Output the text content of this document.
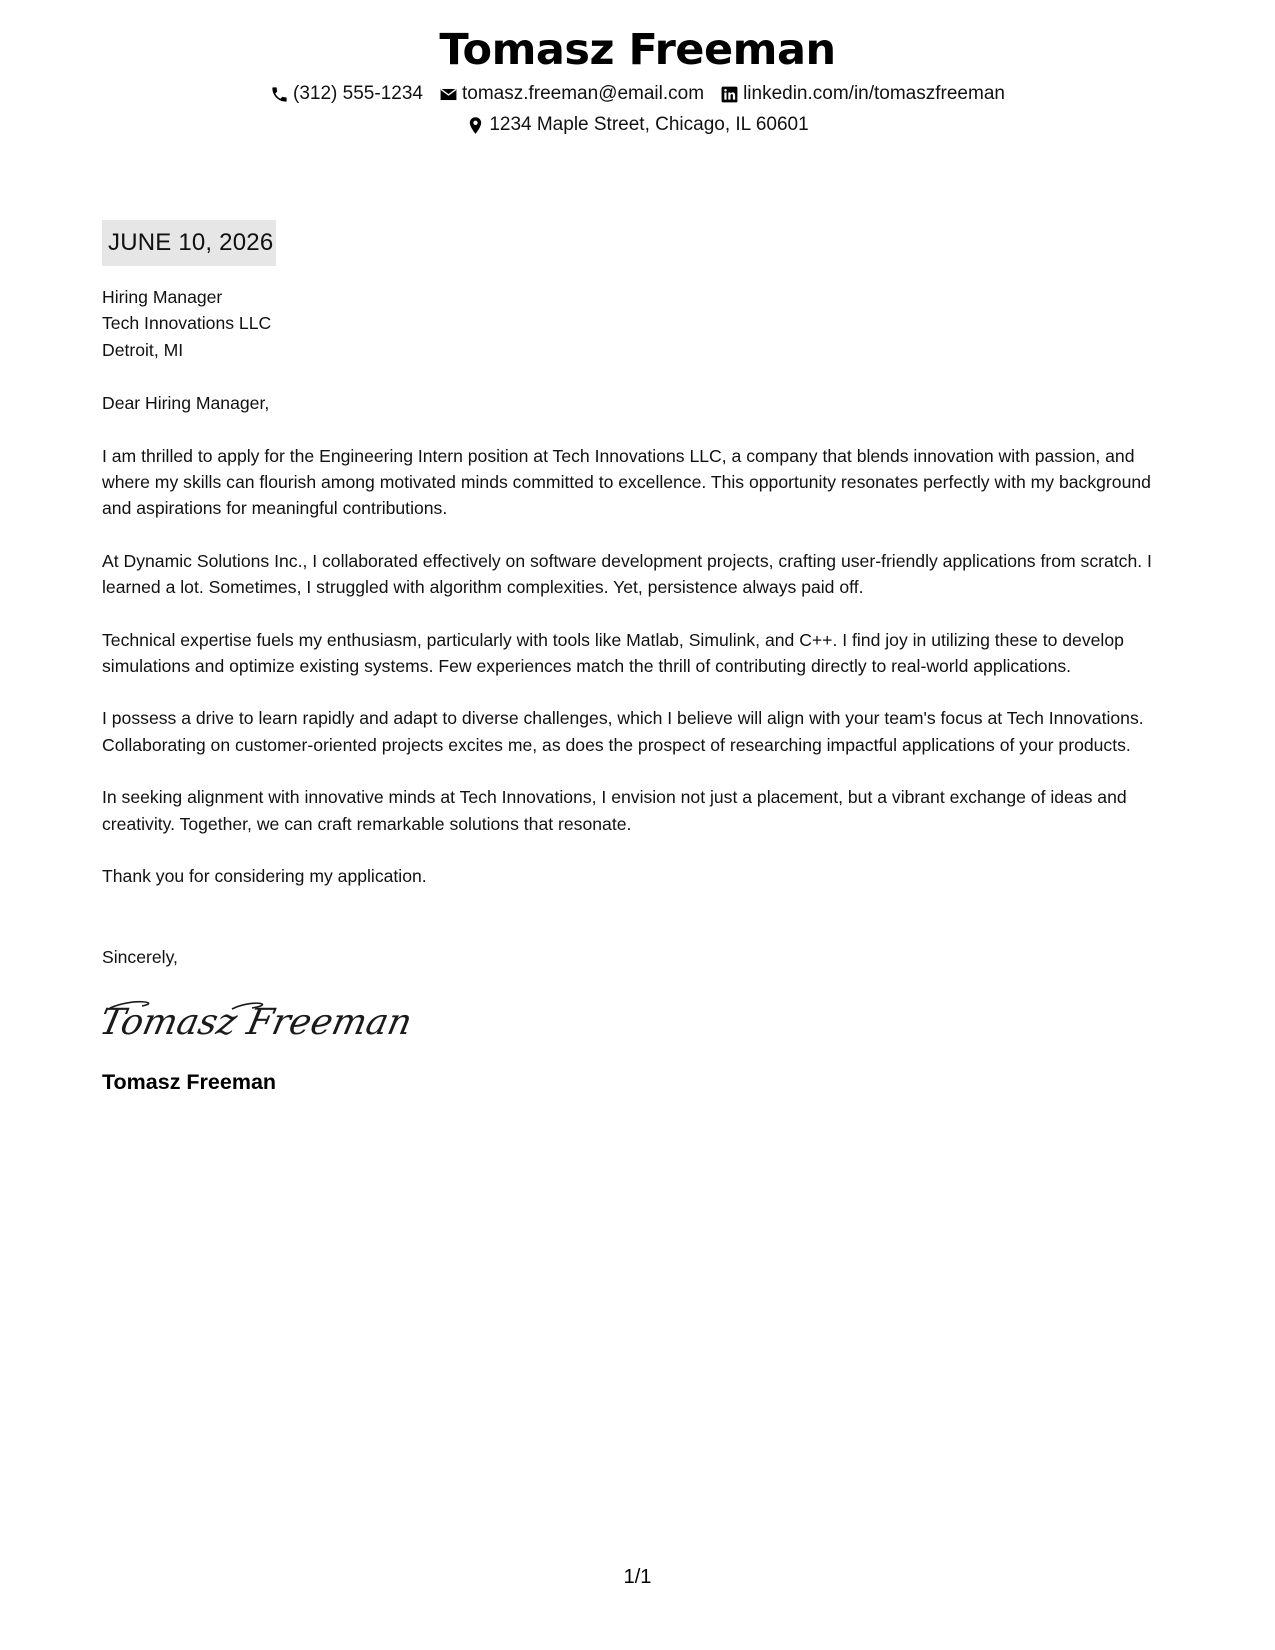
Tomasz Freeman
(312) 555-1234 tomasz.freeman@email.com linkedin.com/in/tomaszfreeman
1234 Maple Street, Chicago, IL 60601
JUNE 10, 2026

Hiring Manager

Tech Innovations LLC

Detroit, MI

Dear Hiring Manager,

I am thrilled to apply for the Engineering Intern position at Tech Innovations LLC, a company that blends innovation with passion, and where my skills can flourish among motivated minds committed to excellence. This opportunity resonates perfectly with my background and aspirations for meaningful contributions.

At Dynamic Solutions Inc., I collaborated effectively on software development projects, crafting user-friendly applications from scratch. I learned a lot. Sometimes, I struggled with algorithm complexities. Yet, persistence always paid off.

Technical expertise fuels my enthusiasm, particularly with tools like Matlab, Simulink, and C++. I find joy in utilizing these to develop simulations and optimize existing systems. Few experiences match the thrill of contributing directly to real-world applications.

I possess a drive to learn rapidly and adapt to diverse challenges, which I believe will align with your team's focus at Tech Innovations. Collaborating on customer-oriented projects excites me, as does the prospect of researching impactful applications of your products.

In seeking alignment with innovative minds at Tech Innovations, I envision not just a placement, but a vibrant exchange of ideas and creativity. Together, we can craft remarkable solutions that resonate.

Thank you for considering my application.

Sincerely,

Tomasz Freeman
Tomasz Freeman
1/1
